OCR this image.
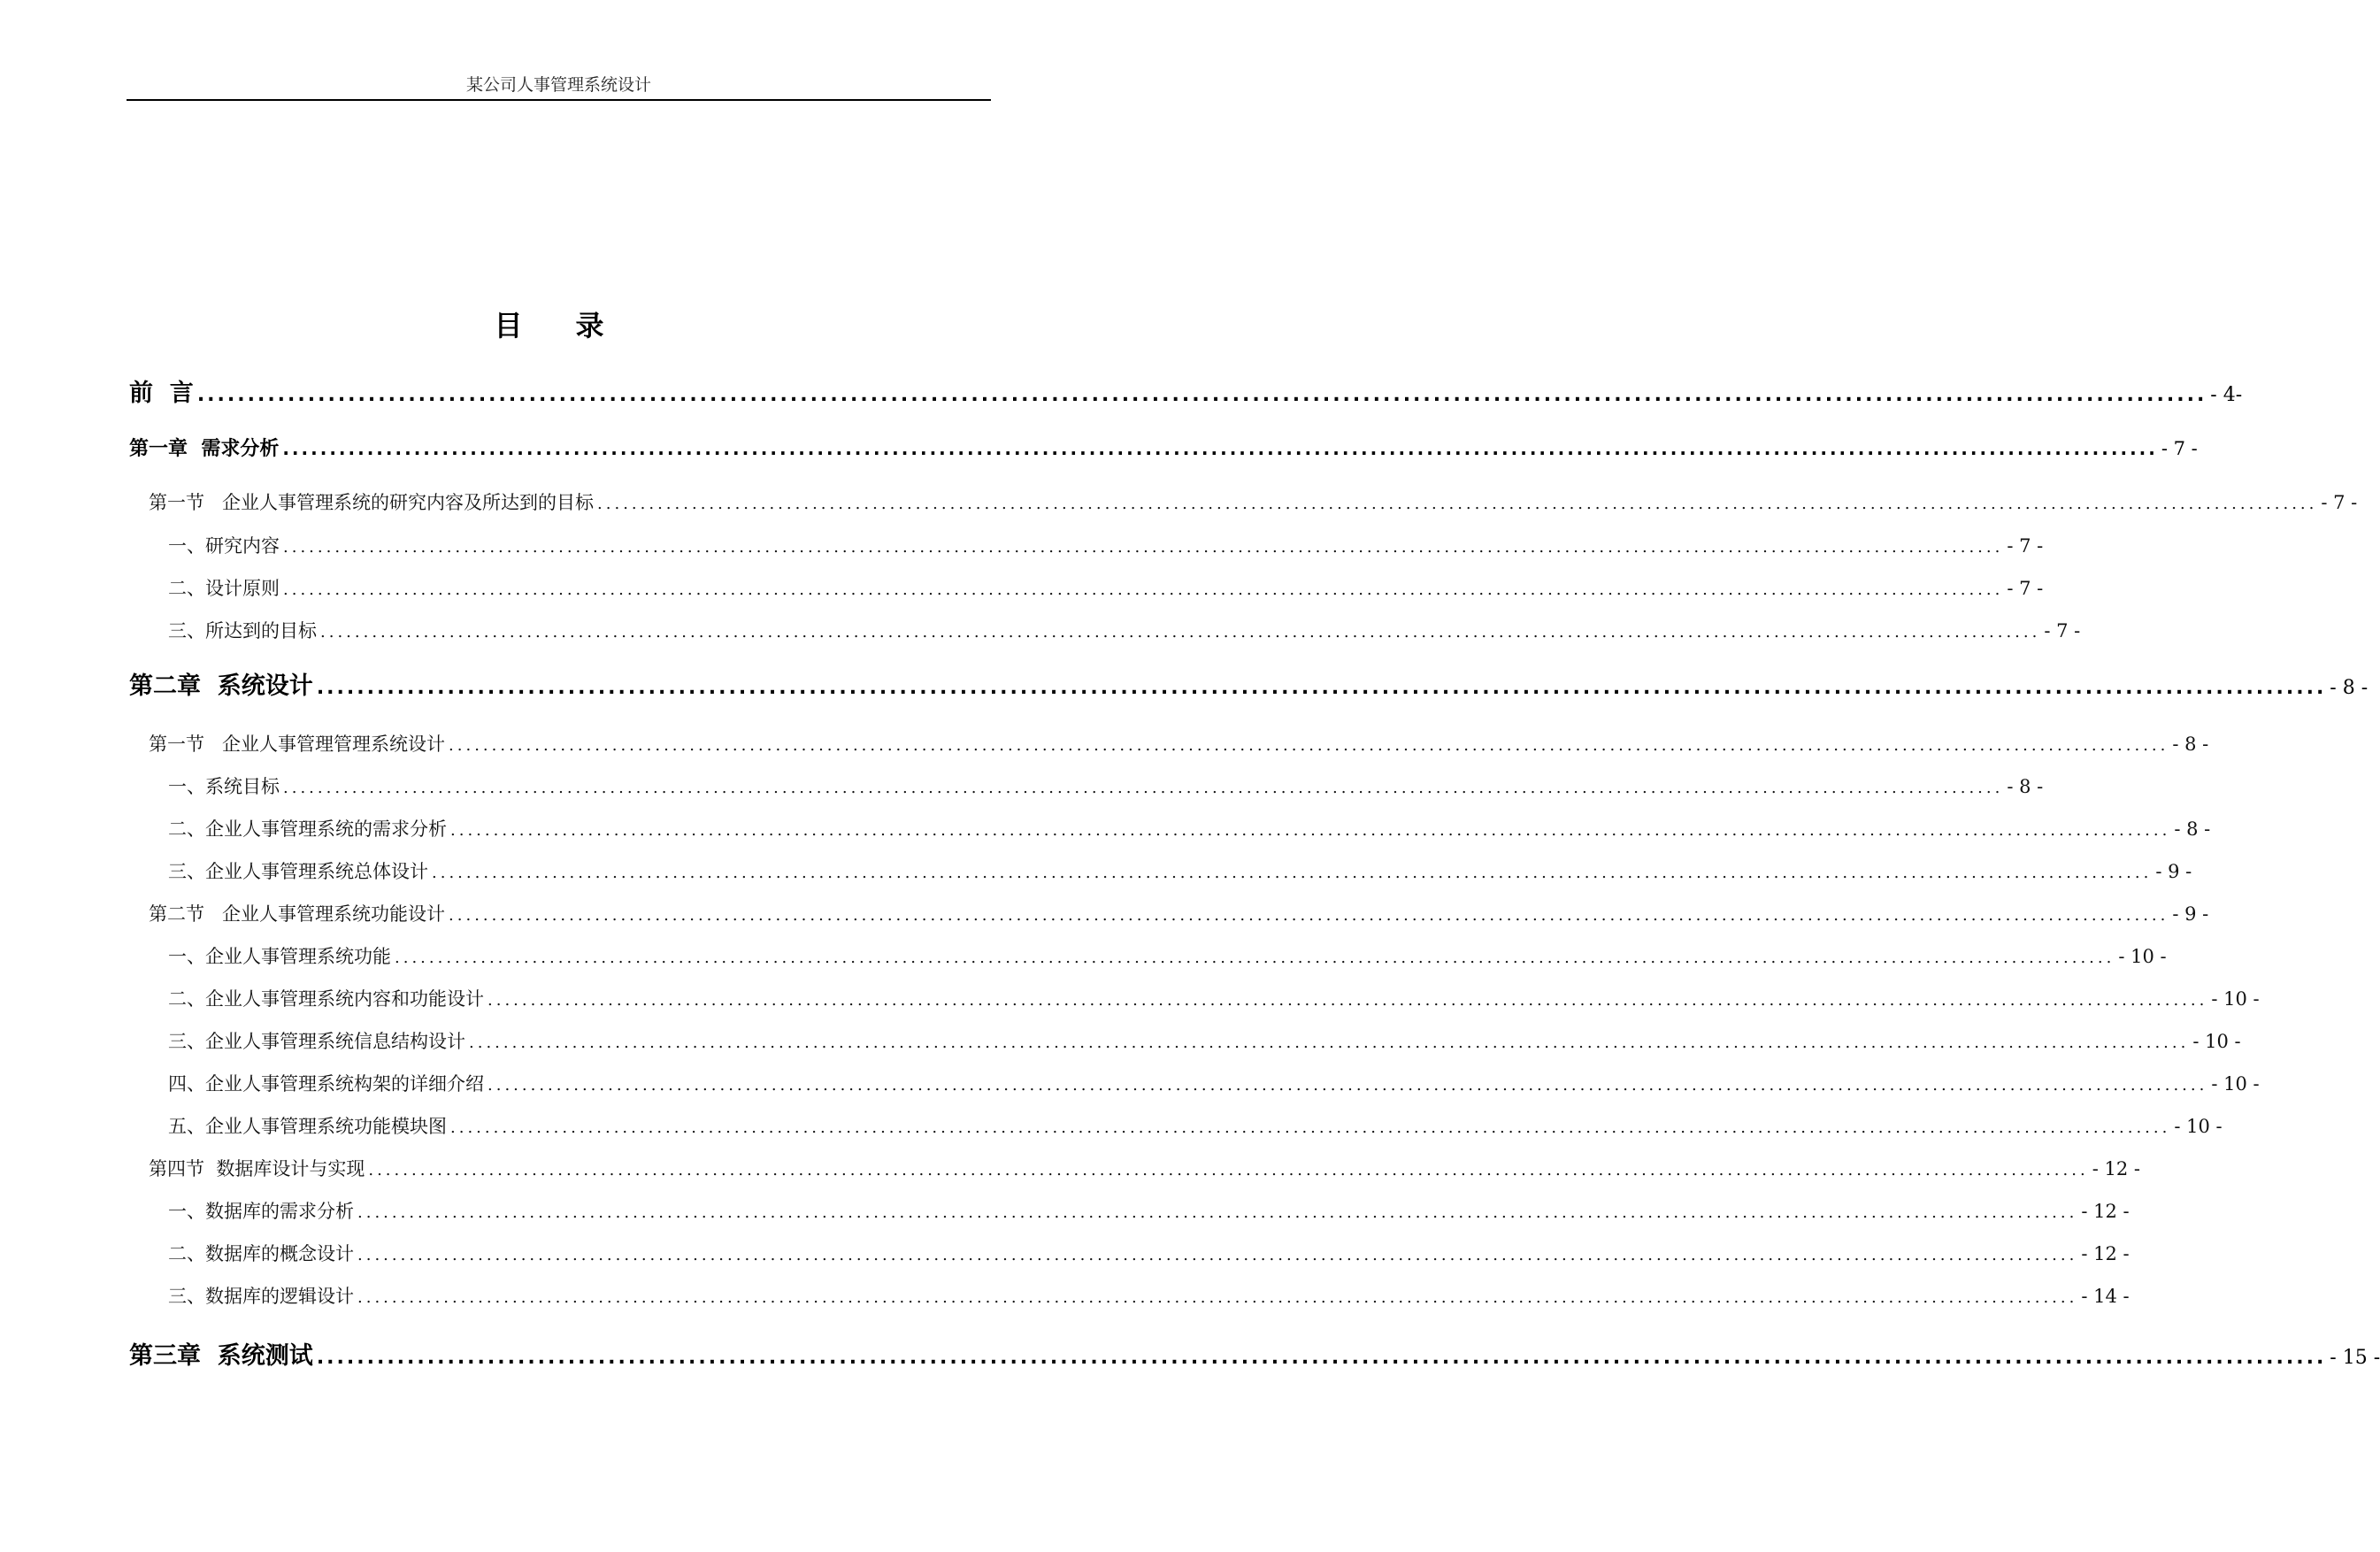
某公司人事管理系统设计
目录
前  言 ........................................................................................................................................................................................................ - 4-
第一章  需求分析 ........................................................................................................................................................................................................ - 7 -
第一节   企业人事管理系统的研究内容及所达到的目标 ........................................................................................................................................................................................................ - 7 -
一、研究内容 ........................................................................................................................................................................................................ - 7 -
二、设计原则 ........................................................................................................................................................................................................ - 7 -
三、所达到的目标 ........................................................................................................................................................................................................ - 7 -
第二章  系统设计 ........................................................................................................................................................................................................ - 8 -
第一节   企业人事管理管理系统设计 ........................................................................................................................................................................................................ - 8 -
一、系统目标 ........................................................................................................................................................................................................ - 8 -
二、企业人事管理系统的需求分析 ........................................................................................................................................................................................................ - 8 -
三、企业人事管理系统总体设计 ........................................................................................................................................................................................................ - 9 -
第二节   企业人事管理系统功能设计 ........................................................................................................................................................................................................ - 9 -
一、企业人事管理系统功能 ........................................................................................................................................................................................................ - 10 -
二、企业人事管理系统内容和功能设计 ........................................................................................................................................................................................................ - 10 -
三、企业人事管理系统信息结构设计 ........................................................................................................................................................................................................ - 10 -
四、企业人事管理系统构架的详细介绍 ........................................................................................................................................................................................................ - 10 -
五、企业人事管理系统功能模块图 ........................................................................................................................................................................................................ - 10 -
第四节  数据库设计与实现 ........................................................................................................................................................................................................ - 12 -
一、数据库的需求分析 ........................................................................................................................................................................................................ - 12 -
二、数据库的概念设计 ........................................................................................................................................................................................................ - 12 -
三、数据库的逻辑设计 ........................................................................................................................................................................................................ - 14 -
第三章  系统测试 ........................................................................................................................................................................................................ - 15 -
